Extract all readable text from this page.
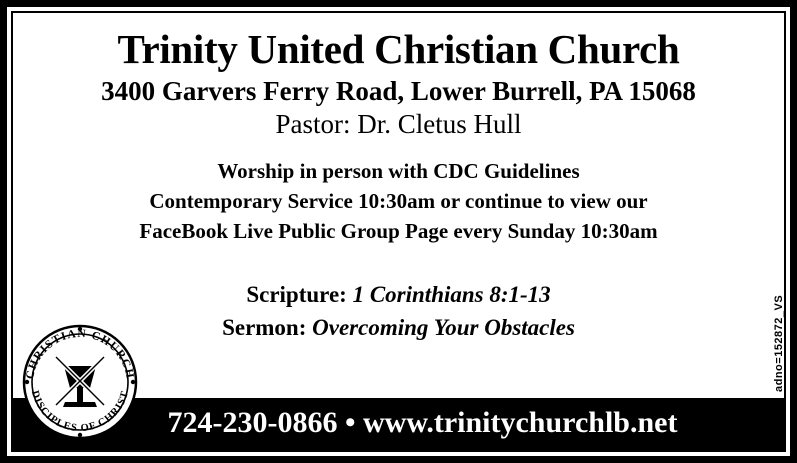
Trinity United Christian Church
3400 Garvers Ferry Road, Lower Burrell, PA 15068
Pastor: Dr. Cletus Hull
Worship in person with CDC Guidelines
Contemporary Service 10:30am or continue to view our
FaceBook Live Public Group Page every Sunday 10:30am
Scripture: 1 Corinthians 8:1-13
Sermon: Overcoming Your Obstacles
724-230-0866 • www.trinitychurchlb.net
CHRISTIAN CHURCH
DISCIPLES OF CHRIST
adno=152872_VS
